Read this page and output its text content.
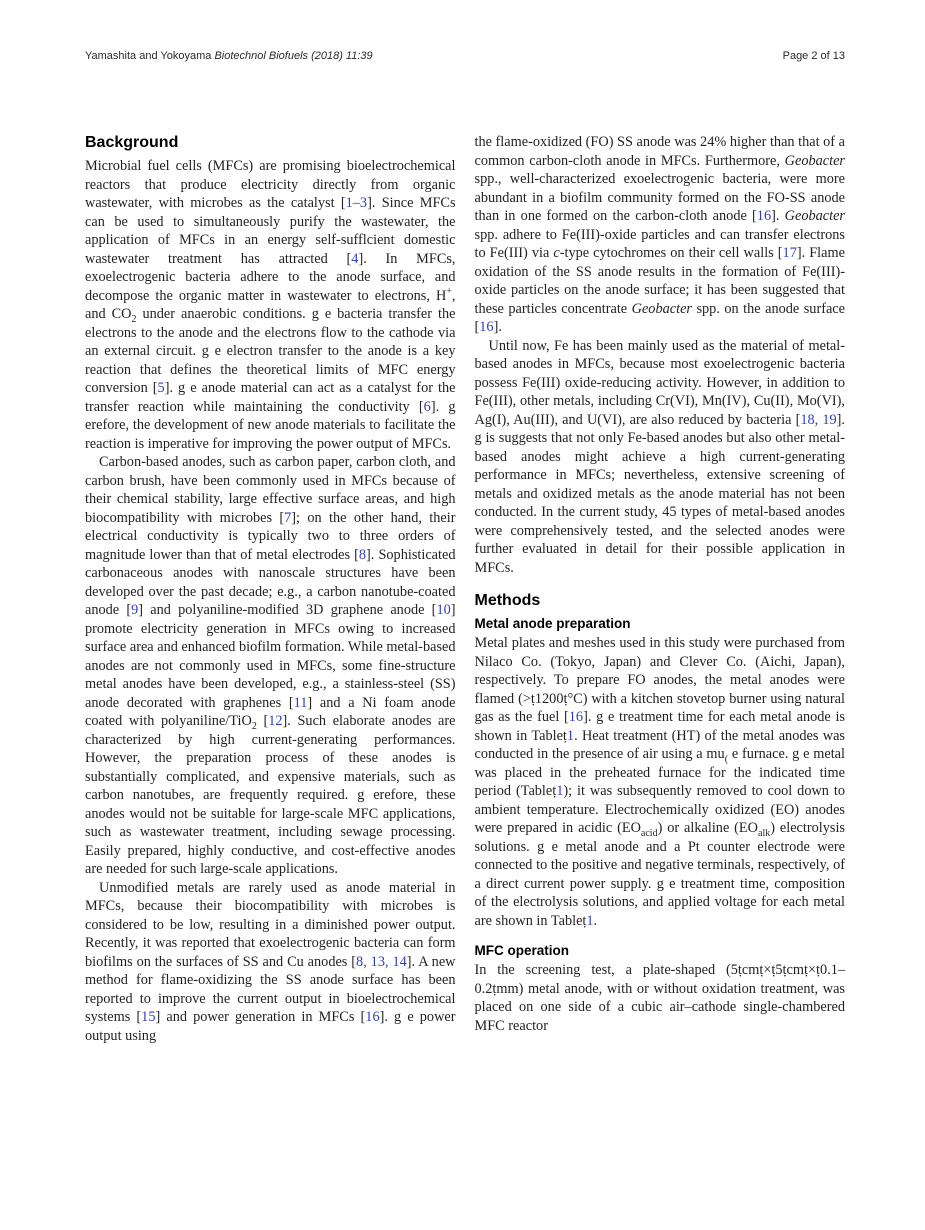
Yamashita and Yokoyama Biotechnol Biofuels (2018) 11:39	Page 2 of 13
Background

Microbial fuel cells (MFCs) are promising bioelectrochemical reactors that produce electricity directly from organic wastewater, with microbes as the catalyst [1–3]. Since MFCs can be used to simultaneously purify the wastewater, the application of MFCs in an energy self-sufflcient domestic wastewater treatment has attracted [4]. In MFCs, exoelectrogenic bacteria adhere to the anode surface, and decompose the organic matter in wastewater to electrons, H+, and $CO_2$ under anaerobic conditions. g e bacteria transfer the electrons to the anode and the electrons flow to the cathode via an external circuit. g e electron transfer to the anode is a key reaction that defines the theoretical limits of MFC energy conversion [5]. g e anode material can act as a catalyst for the transfer reaction while maintaining the conductivity [6]. g erefore, the development of new anode materials to facilitate the reaction is imperative for improving the power output of MFCs.

Carbon-based anodes, such as carbon paper, carbon cloth, and carbon brush, have been commonly used in MFCs because of their chemical stability, large effective surface areas, and high biocompatibility with microbes [7]; on the other hand, their electrical conductivity is typically two to three orders of magnitude lower than that of metal electrodes [8]. Sophisticated carbonaceous anodes with nanoscale structures have been developed over the past decade; e.g., a carbon nanotube-coated anode [9] and polyaniline-modified 3D graphene anode [10] promote electricity generation in MFCs owing to increased surface area and enhanced biofilm formation. While metal-based anodes are not commonly used in MFCs, some fine-structure metal anodes have been developed, e.g., a stainless-steel (SS) anode decorated with graphenes [11] and a Ni foam anode coated with polyaniline/TiO$_2$ [12]. Such elaborate anodes are characterized by high current-generating performances. However, the preparation process of these anodes is substantially complicated, and expensive materials, such as carbon nanotubes, are frequently required. g erefore, these anodes would not be suitable for large-scale MFC applications, such as wastewater treatment, including sewage processing. Easily prepared, highly conductive, and cost-effective anodes are needed for such large-scale applications.

Unmodified metals are rarely used as anode material in MFCs, because their biocompatibility with microbes is considered to be low, resulting in a diminished power output. Recently, it was reported that exoelectrogenic bacteria can form biofilms on the surfaces of SS and Cu anodes [8, 13, 14]. A new method for flame-oxidizing the SS anode surface has been reported to improve the current output in bioelectrochemical systems [15] and power generation in MFCs [16]. g e power output using

the flame-oxidized (FO) SS anode was 24% higher than that of a common carbon-cloth anode in MFCs. Furthermore, Geobacter spp., well-characterized exoelectrogenic bacteria, were more abundant in a biofilm community formed on the FO-SS anode than in one formed on the carbon-cloth anode [16]. Geobacter spp. adhere to Fe(III)-oxide particles and can transfer electrons to Fe(III) via c-type cytochromes on their cell walls [17]. Flame oxidation of the SS anode results in the formation of Fe(III)-oxide particles on the anode surface; it has been suggested that these particles concentrate Geobacter spp. on the anode surface [16].

Until now, Fe has been mainly used as the material of metal-based anodes in MFCs, because most exoelectrogenic bacteria possess Fe(III) oxide-reducing activity. However, in addition to Fe(III), other metals, including Cr(VI), Mn(IV), Cu(II), Mo(VI), Ag(I), Au(III), and U(VI), are also reduced by bacteria [18, 19]. g is suggests that not only Fe-based anodes but also other metal-based anodes might achieve a high current-generating performance in MFCs; nevertheless, extensive screening of metals and oxidized metals as the anode material has not been conducted. In the current study, 45 types of metal-based anodes were comprehensively tested, and the selected anodes were further evaluated in detail for their possible application in MFCs.

Methods
Metal anode preparation

Metal plates and meshes used in this study were purchased from Nilaco Co. (Tokyo, Japan) and Clever Co. (Aichi, Japan), respectively. To prepare FO anodes, the metal anodes were flamed (>ṭ1200ṭ°C) with a kitchen stovetop burner using natural gas as the fuel [16]. g e treatment time for each metal anode is shown in Tableṭ1. Heat treatment (HT) of the metal anodes was conducted in the presence of air using a $mu_($ e furnace. g e metal was placed in the preheated furnace for the indicated time period (Tableṭ1); it was subsequently removed to cool down to ambient temperature. Electrochemically oxidized (EO) anodes were prepared in acidic $(EO_{acid})$ or alkaline $(EO_{alk})$ electrolysis solutions. g e metal anode and a Pt counter electrode were connected to the positive and negative terminals, respectively, of a direct current power supply. g e treatment time, composition of the electrolysis solutions, and applied voltage for each metal are shown in Tableṭ1.

MFC operation

In the screening test, a plate-shaped (5ṭcmṭ×ṭ5ṭcmṭ×ṭ0.1–0.2ṭmm) metal anode, with or without oxidation treatment, was placed on one side of a cubic air–cathode single-chambered MFC reactor
